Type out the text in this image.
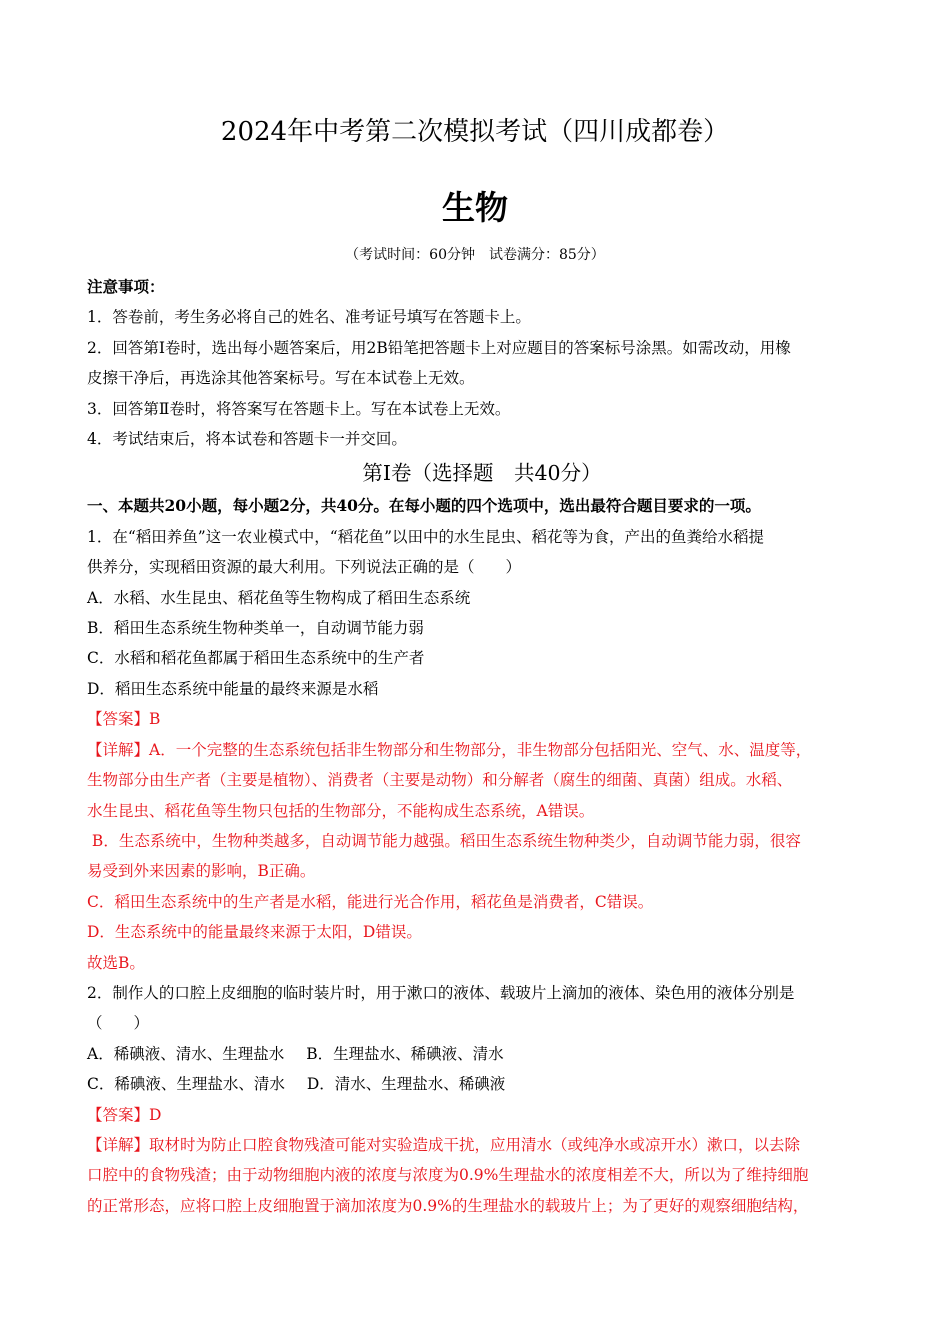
2024年中考第二次模拟考试（四川成都卷）
生物
（考试时间：60分钟　试卷满分：85分）
注意事项：
1．答卷前，考生务必将自己的姓名、准考证号填写在答题卡上。
2．回答第Ⅰ卷时，选出每小题答案后，用2B铅笔把答题卡上对应题目的答案标号涂黑。如需改动，用橡
皮擦干净后，再选涂其他答案标号。写在本试卷上无效。
3．回答第Ⅱ卷时，将答案写在答题卡上。写在本试卷上无效。
4．考试结束后，将本试卷和答题卡一并交回。
第Ⅰ卷（选择题　共40分）
一、本题共20小题，每小题2分，共40分。在每小题的四个选项中，选出最符合题目要求的一项。
1．在“稻田养鱼”这一农业模式中，“稻花鱼”以田中的水生昆虫、稻花等为食，产出的鱼粪给水稻提
供养分，实现稻田资源的最大利用。下列说法正确的是（　　）
A．水稻、水生昆虫、稻花鱼等生物构成了稻田生态系统
B．稻田生态系统生物种类单一，自动调节能力弱
C．水稻和稻花鱼都属于稻田生态系统中的生产者
D．稻田生态系统中能量的最终来源是水稻
【答案】B
【详解】A．一个完整的生态系统包括非生物部分和生物部分，非生物部分包括阳光、空气、水、温度等，
生物部分由生产者（主要是植物）、消费者（主要是动物）和分解者（腐生的细菌、真菌）组成。水稻、
水生昆虫、稻花鱼等生物只包括的生物部分，不能构成生态系统，A错误。
B．生态系统中，生物种类越多，自动调节能力越强。稻田生态系统生物种类少，自动调节能力弱，很容
易受到外来因素的影响，B正确。
C．稻田生态系统中的生产者是水稻，能进行光合作用，稻花鱼是消费者，C错误。
D．生态系统中的能量最终来源于太阳，D错误。
故选B。
2．制作人的口腔上皮细胞的临时装片时，用于漱口的液体、载玻片上滴加的液体、染色用的液体分别是
（　　）
A．稀碘液、清水、生理盐水 B．生理盐水、稀碘液、清水
C．稀碘液、生理盐水、清水 D．清水、生理盐水、稀碘液
【答案】D
【详解】取材时为防止口腔食物残渣可能对实验造成干扰，应用清水（或纯净水或凉开水）漱口，以去除
口腔中的食物残渣；由于动物细胞内液的浓度与浓度为0.9%生理盐水的浓度相差不大，所以为了维持细胞
的正常形态，应将口腔上皮细胞置于滴加浓度为0.9%的生理盐水的载玻片上；为了更好的观察细胞结构，
